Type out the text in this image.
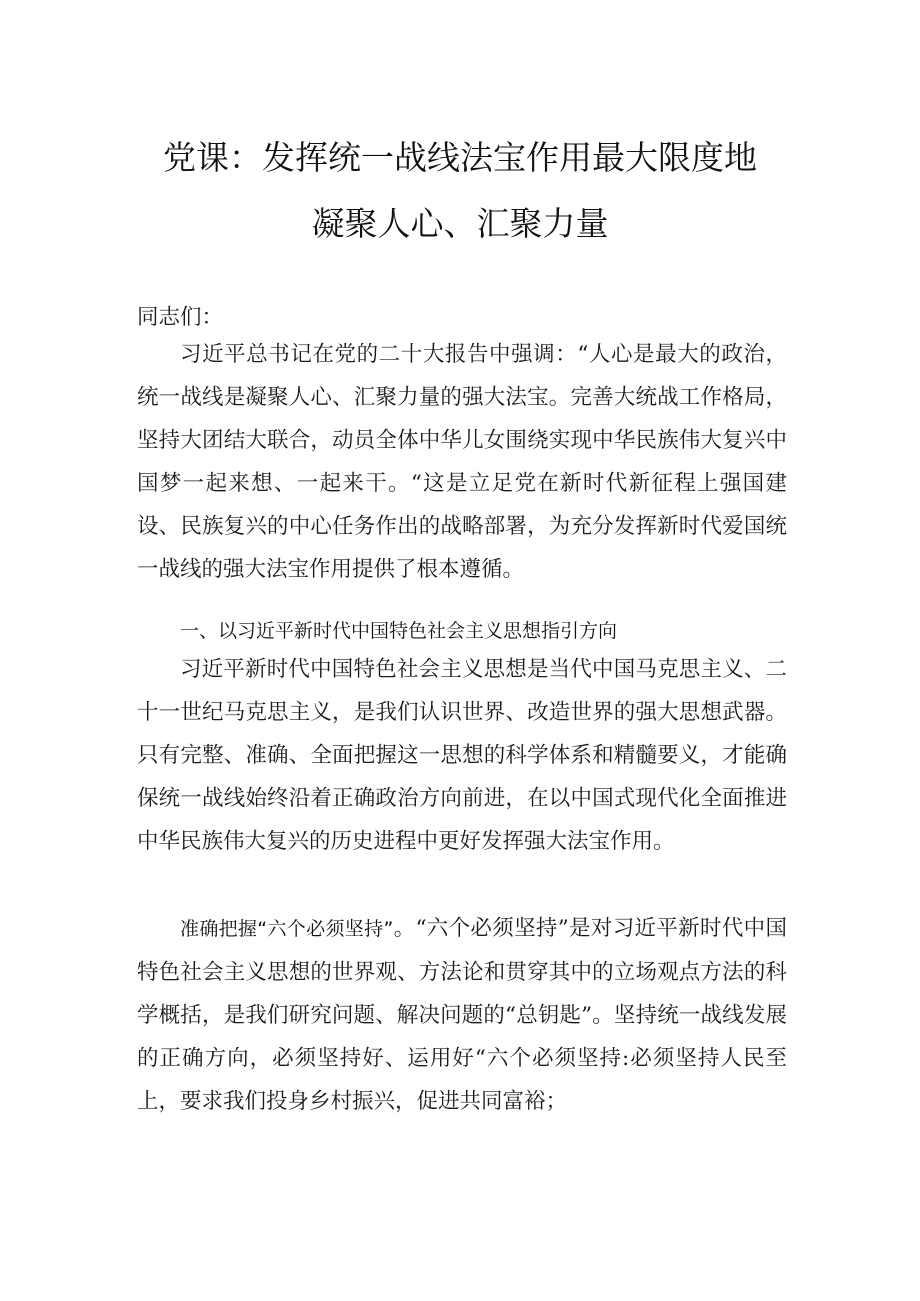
党课：发挥统一战线法宝作用最大限度地
凝聚人心、汇聚力量
同志们：

习近平总书记在党的二十大报告中强调：“人心是最大的政治，统一战线是凝聚人心、汇聚力量的强大法宝。完善大统战工作格局，坚持大团结大联合，动员全体中华儿女围绕实现中华民族伟大复兴中国梦一起来想、一起来干。“这是立足党在新时代新征程上强国建设、民族复兴的中心任务作出的战略部署，为充分发挥新时代爱国统一战线的强大法宝作用提供了根本遵循。

一、以习近平新时代中国特色社会主义思想指引方向

习近平新时代中国特色社会主义思想是当代中国马克思主义、二十一世纪马克思主义，是我们认识世界、改造世界的强大思想武器。只有完整、准确、全面把握这一思想的科学体系和精髓要义，才能确保统一战线始终沿着正确政治方向前进，在以中国式现代化全面推进中华民族伟大复兴的历史进程中更好发挥强大法宝作用。

准确把握“六个必须坚持”。“六个必须坚持”是对习近平新时代中国特色社会主义思想的世界观、方法论和贯穿其中的立场观点方法的科学概括，是我们研究问题、解决问题的“总钥匙”。坚持统一战线发展的正确方向，必须坚持好、运用好“六个必须坚持:必须坚持人民至上，要求我们投身乡村振兴，促进共同富裕；
